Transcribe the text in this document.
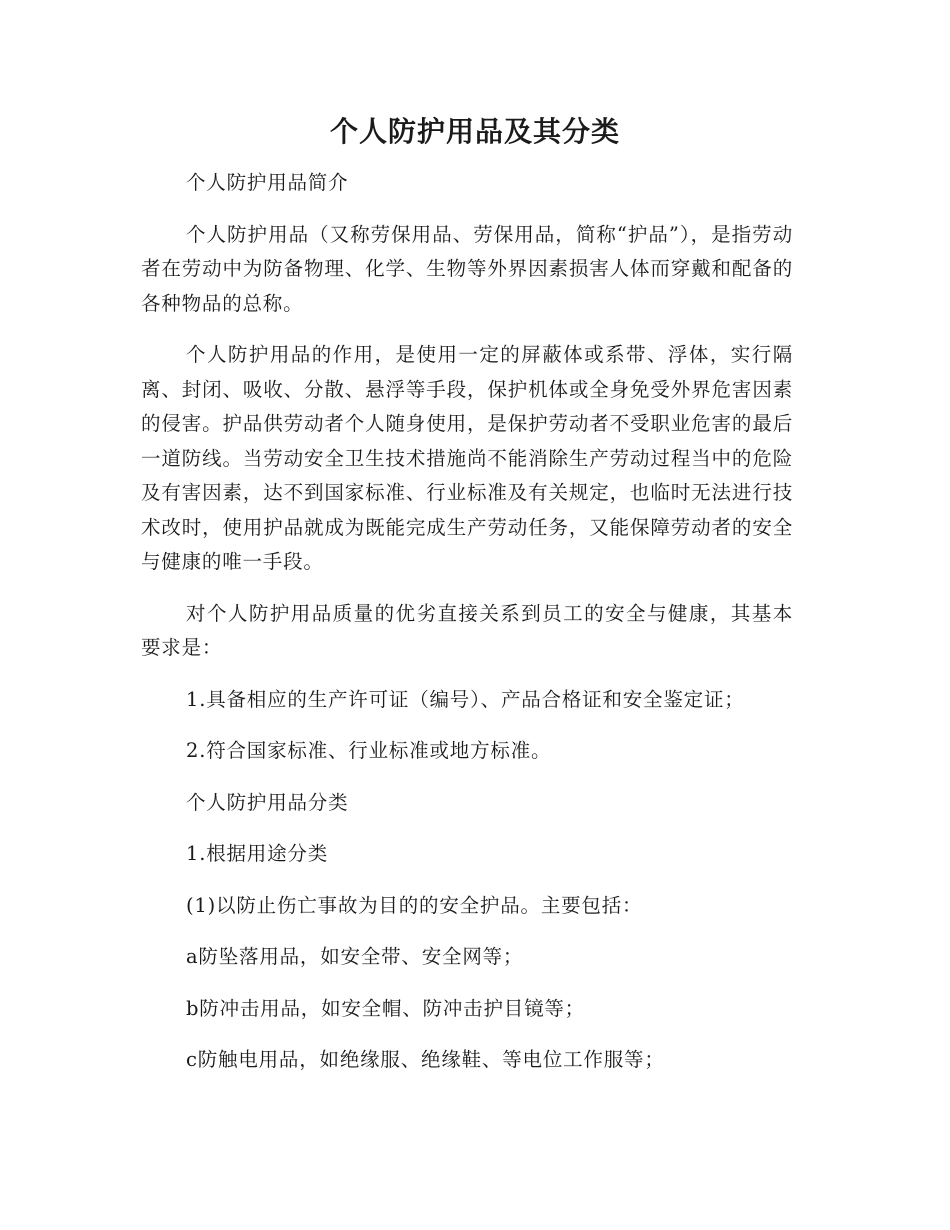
个人防护用品及其分类

个人防护用品简介

个人防护用品（又称劳保用品、劳保用品，简称“护品”），是指劳动者在劳动中为防备物理、化学、生物等外界因素损害人体而穿戴和配备的各种物品的总称。

个人防护用品的作用，是使用一定的屏蔽体或系带、浮体，实行隔离、封闭、吸收、分散、悬浮等手段，保护机体或全身免受外界危害因素的侵害。护品供劳动者个人随身使用，是保护劳动者不受职业危害的最后一道防线。当劳动安全卫生技术措施尚不能消除生产劳动过程当中的危险及有害因素，达不到国家标准、行业标准及有关规定，也临时无法进行技术改时，使用护品就成为既能完成生产劳动任务，又能保障劳动者的安全与健康的唯一手段。

对个人防护用品质量的优劣直接关系到员工的安全与健康，其基本要求是：

1.具备相应的生产许可证（编号）、产品合格证和安全鉴定证；

2.符合国家标准、行业标准或地方标准。

个人防护用品分类

1.根据用途分类

(1)以防止伤亡事故为目的的安全护品。主要包括：

a防坠落用品，如安全带、安全网等；

b防冲击用品，如安全帽、防冲击护目镜等；

c防触电用品，如绝缘服、绝缘鞋、等电位工作服等；
